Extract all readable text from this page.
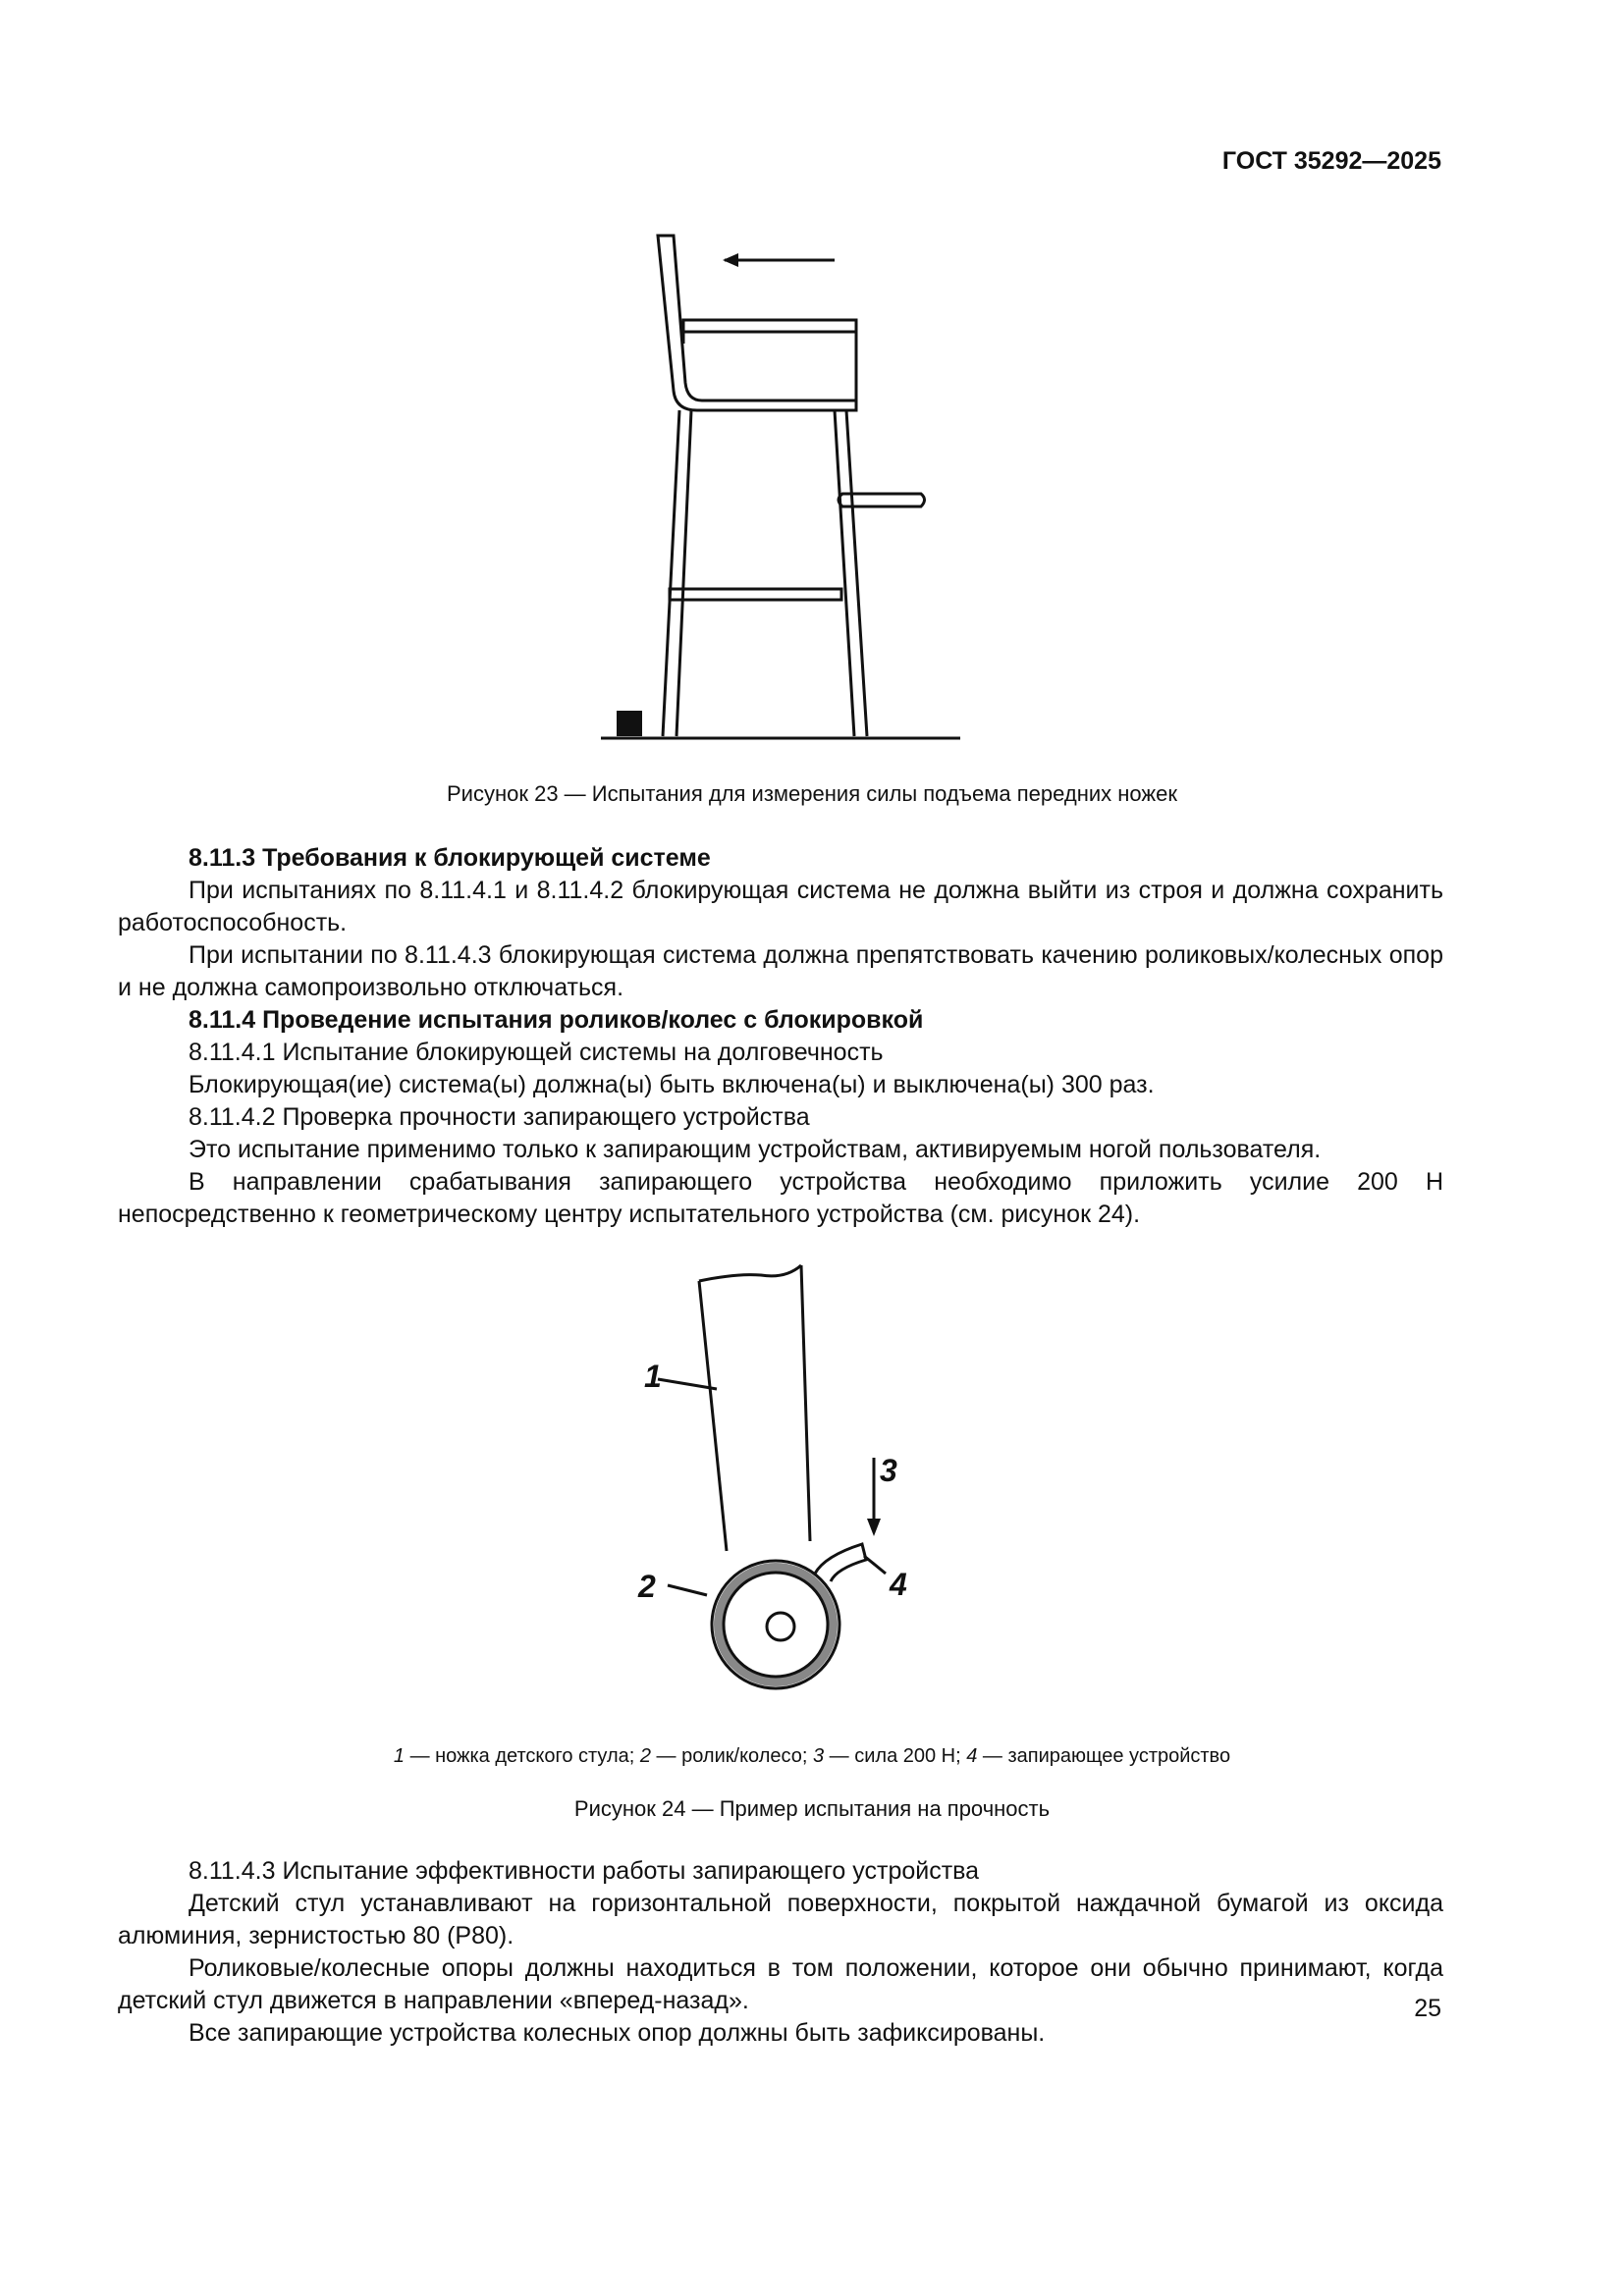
ГОСТ 35292—2025
Рисунок 23 — Испытания для измерения силы подъема передних ножек

8.11.3 Требования к блокирующей системе

При испытаниях по 8.11.4.1 и 8.11.4.2 блокирующая система не должна выйти из строя и должна сохранить работоспособность.

При испытании по 8.11.4.3 блокирующая система должна препятствовать качению роликовых/колесных опор и не должна самопроизвольно отключаться.

8.11.4 Проведение испытания роликов/колес с блокировкой

8.11.4.1 Испытание блокирующей системы на долговечность

Блокирующая(ие) система(ы) должна(ы) быть включена(ы) и выключена(ы) 300 раз.

8.11.4.2 Проверка прочности запирающего устройства

Это испытание применимо только к запирающим устройствам, активируемым ногой пользователя.

В направлении срабатывания запирающего устройства необходимо приложить усилие 200 Н непосредственно к геометрическому центру испытательного устройства (см. рисунок 24).

1
2
3
4
1 — ножка детского стула; 2 — ролик/колесо; 3 — сила 200 Н; 4 — запирающее устройство
Рисунок 24 — Пример испытания на прочность

8.11.4.3 Испытание эффективности работы запирающего устройства

Детский стул устанавливают на горизонтальной поверхности, покрытой наждачной бумагой из оксида алюминия, зернистостью 80 (Р80).

Роликовые/колесные опоры должны находиться в том положении, которое они обычно принимают, когда детский стул движется в направлении «вперед-назад».

Все запирающие устройства колесных опор должны быть зафиксированы.

25
